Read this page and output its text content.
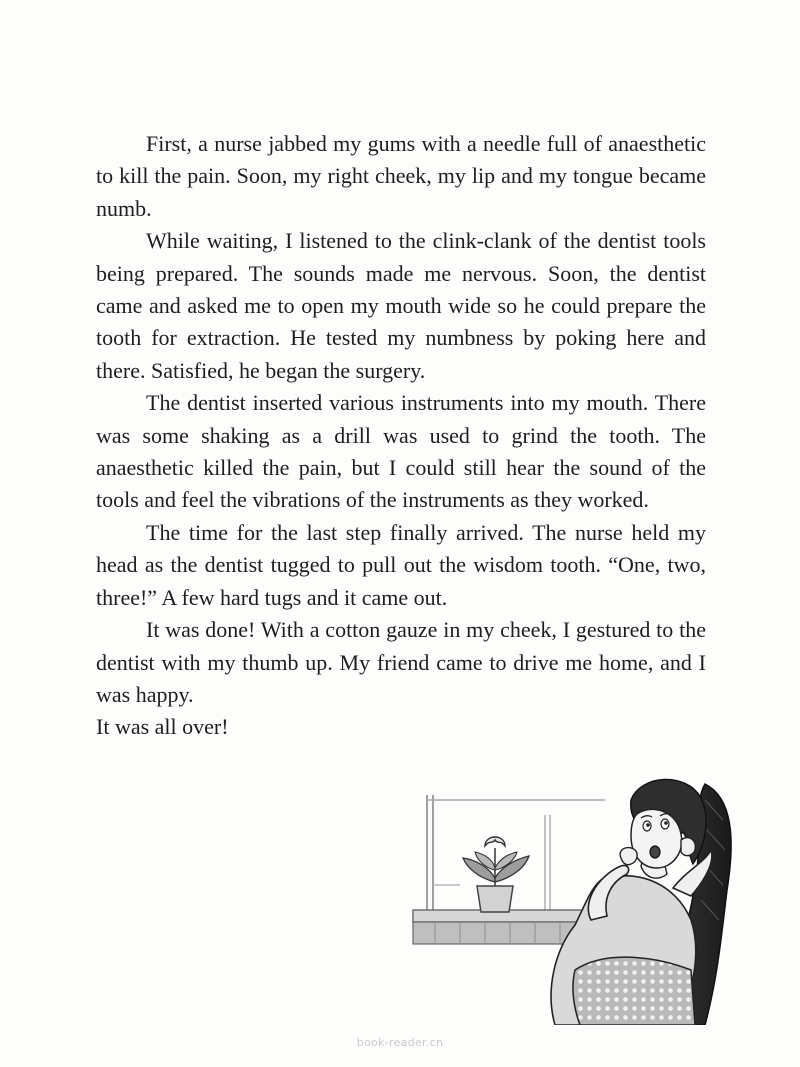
First, a nurse jabbed my gums with a needle full of anaesthetic to kill the pain. Soon, my right cheek, my lip and my tongue became numb.

While waiting, I listened to the clink-clank of the dentist tools being prepared. The sounds made me nervous. Soon, the dentist came and asked me to open my mouth wide so he could prepare the tooth for extraction. He tested my numbness by poking here and there. Satisfied, he began the surgery.

The dentist inserted various instruments into my mouth. There was some shaking as a drill was used to grind the tooth. The anaesthetic killed the pain, but I could still hear the sound of the tools and feel the vibrations of the instruments as they worked.

The time for the last step finally arrived. The nurse held my head as the dentist tugged to pull out the wisdom tooth. “One, two, three!” A few hard tugs and it came out.

It was done! With a cotton gauze in my cheek, I gestured to the dentist with my thumb up. My friend came to drive me home, and I was happy.

It was all over!

book-reader.cn
